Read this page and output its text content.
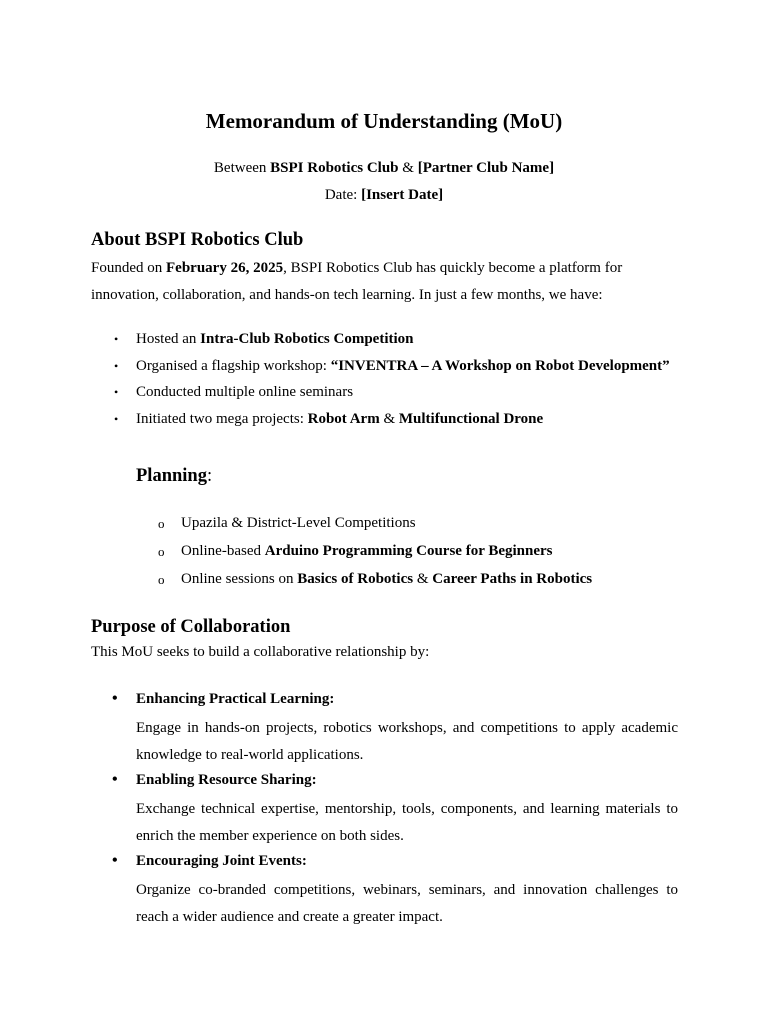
Memorandum of Understanding (MoU)
Between BSPI Robotics Club & [Partner Club Name]
Date: [Insert Date]
About BSPI Robotics Club
Founded on February 26, 2025, BSPI Robotics Club has quickly become a platform for innovation, collaboration, and hands-on tech learning. In just a few months, we have:
• Hosted an Intra-Club Robotics Competition
• Organised a flagship workshop: “INVENTRA – A Workshop on Robot Development”
• Conducted multiple online seminars
• Initiated two mega projects: Robot Arm & Multifunctional Drone
Planning:
o Upazila & District-Level Competitions
o Online-based Arduino Programming Course for Beginners
o Online sessions on Basics of Robotics & Career Paths in Robotics
Purpose of Collaboration
This MoU seeks to build a collaborative relationship by:
• Enhancing Practical Learning:
Engage in hands-on projects, robotics workshops, and competitions to apply academic knowledge to real-world applications.
• Enabling Resource Sharing:
Exchange technical expertise, mentorship, tools, components, and learning materials to enrich the member experience on both sides.
• Encouraging Joint Events:
Organize co-branded competitions, webinars, seminars, and innovation challenges to reach a wider audience and create a greater impact.
